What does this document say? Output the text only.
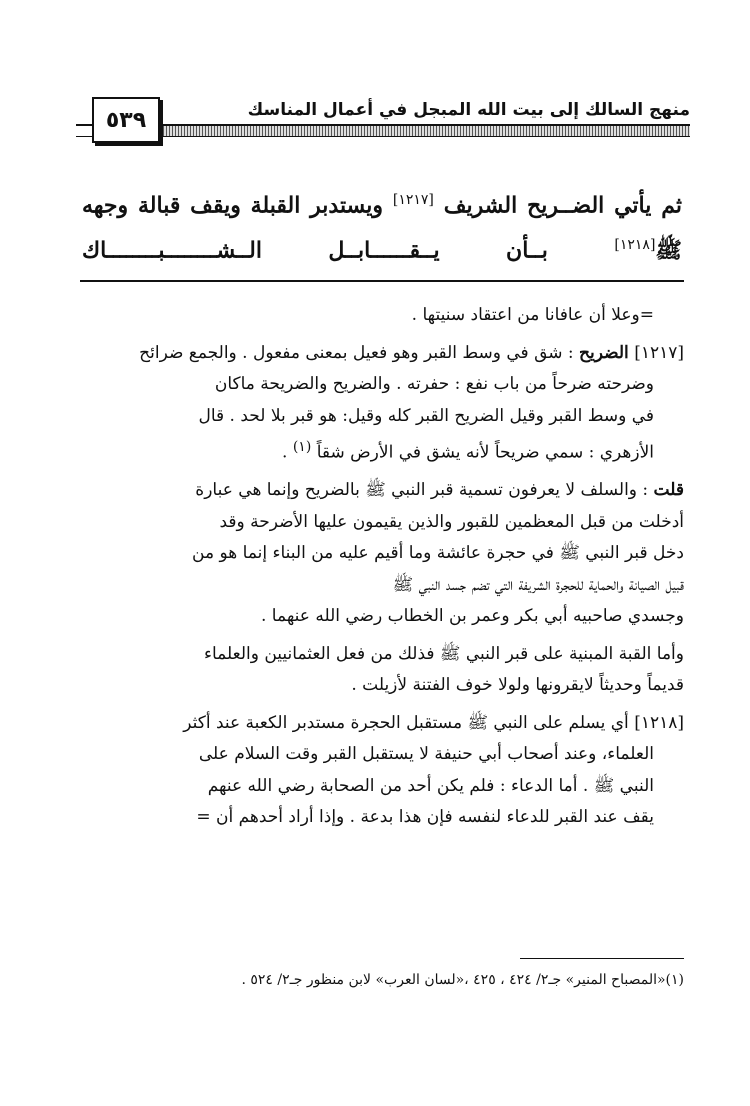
منهج السالك إلى بيت الله المبجل في أعمال المناسك
٥٣٩
ثم يأتي الضــريح الشريف [١٢١٧] ويستدبر القبلة ويقف قبالة وجهه
ﷺ[١٢١٨] بــأن يــقــــــابــل الــشــــــــبــــــــاك

=وعلا أن عافانا من اعتقاد سنيتها .

[١٢١٧] الضريح : شق في وسط القبر وهو فعيل بمعنى مفعول . والجمع ضرائح
وضرحته ضرحاً من باب نفع : حفرته . والضريح والضريحة ماكان
في وسط القبر وقيل الضريح القبر كله وقيل: هو قبر بلا لحد . قال
الأزهري : سمي ضريحاً لأنه يشق في الأرض شقاً $^{(١)}$ .

قلت : والسلف لا يعرفون تسمية قبر النبي ﷺ بالضريح وإنما هي عبارة
أدخلت من قبل المعظمين للقبور والذين يقيمون عليها الأضرحة وقد
دخل قبر النبي ﷺ في حجرة عائشة وما أقيم عليه من البناء إنما هو من
قبيل الصيانة والحماية للحجرة الشريفة التي تضم جسد النبي ﷺ
وجسدي صاحبيه أبي بكر وعمر بن الخطاب رضي الله عنهما .

وأما القبة المبنية على قبر النبي ﷺ فذلك من فعل العثمانيين والعلماء
قديماً وحديثاً لايقرونها ولولا خوف الفتنة لأزيلت .

[١٢١٨] أي يسلم على النبي ﷺ مستقبل الحجرة مستدبر الكعبة عند أكثر
العلماء، وعند أصحاب أبي حنيفة لا يستقبل القبر وقت السلام على
النبي ﷺ . أما الدعاء : فلم يكن أحد من الصحابة رضي الله عنهم
يقف عند القبر للدعاء لنفسه فإن هذا بدعة . وإذا أراد أحدهم أن =

(١)«المصباح المنير» جـ٢/ ٤٢٤ ، ٤٢٥ ،«لسان العرب» لابن منظور جـ٢/ ٥٢٤ .
